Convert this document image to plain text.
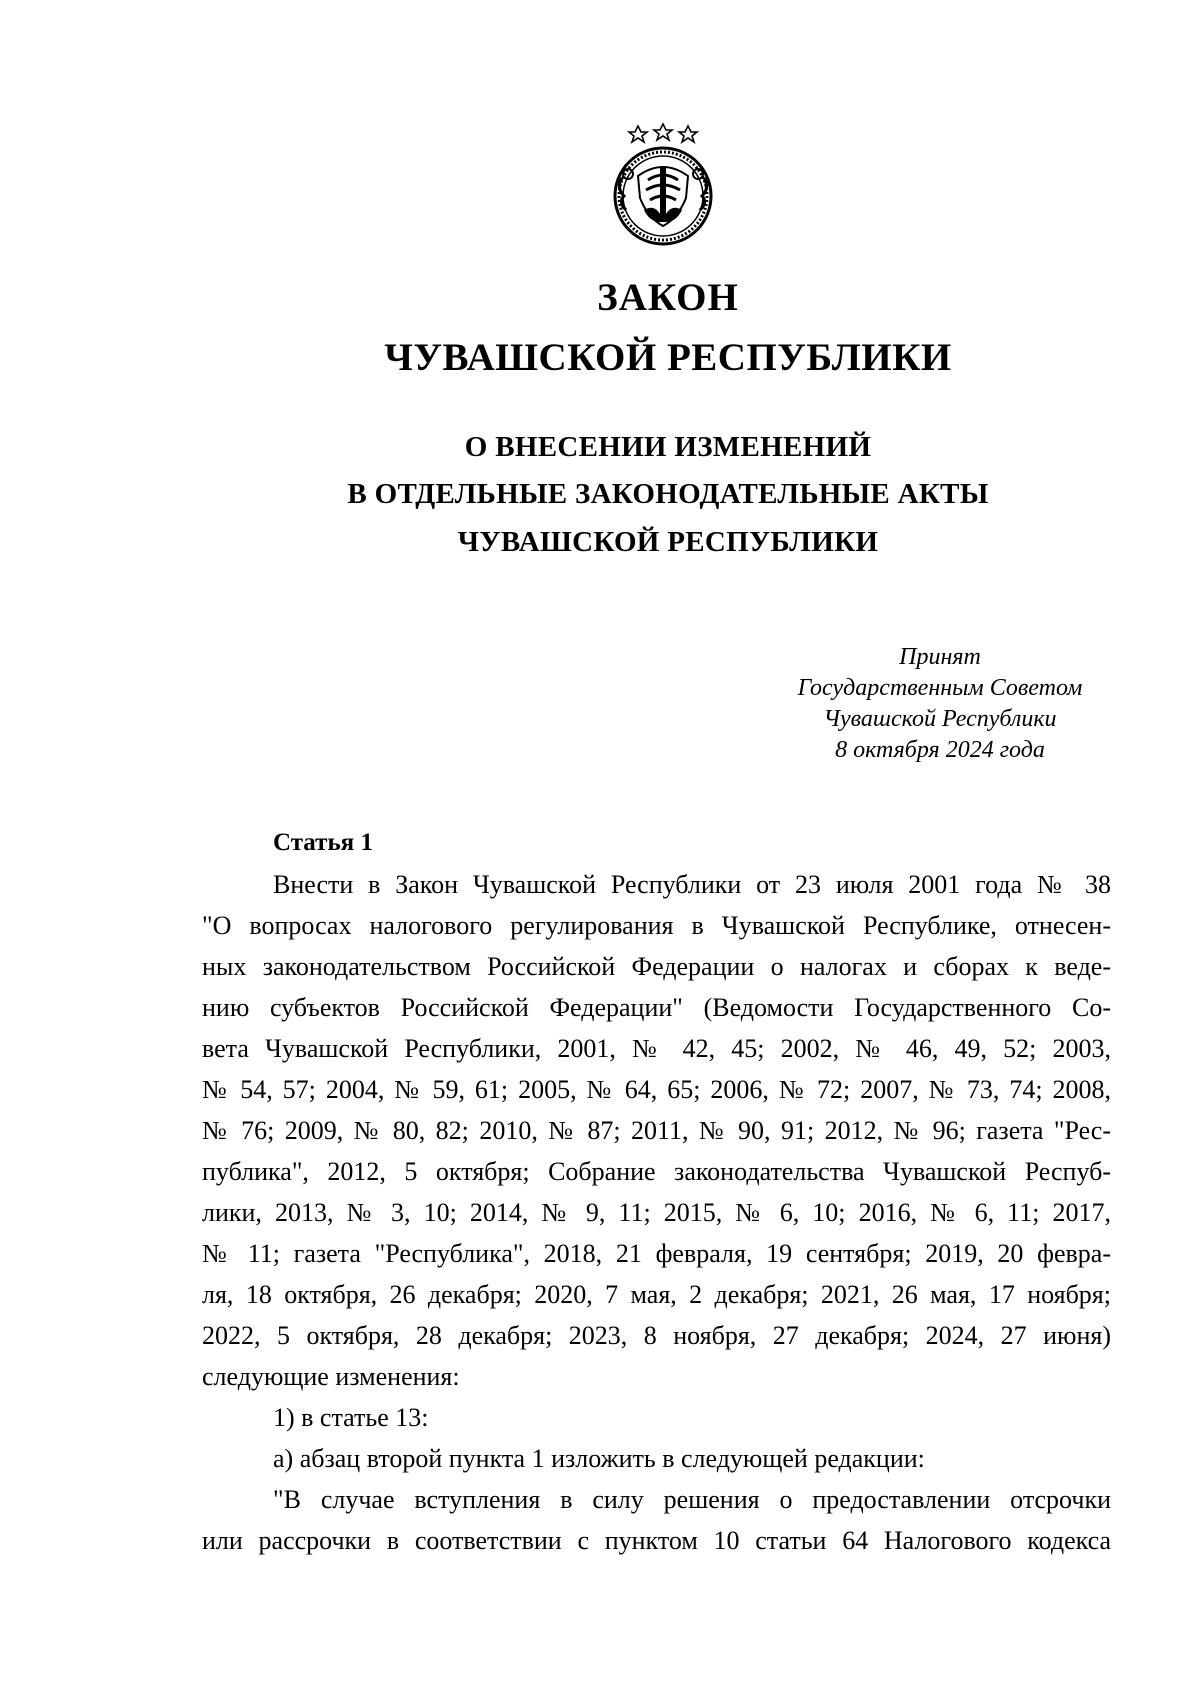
ЗАКОН
ЧУВАШСКОЙ РЕСПУБЛИКИ
О ВНЕСЕНИИ ИЗМЕНЕНИЙ
В ОТДЕЛЬНЫЕ ЗАКОНОДАТЕЛЬНЫЕ АКТЫ
ЧУВАШСКОЙ РЕСПУБЛИКИ
Принят
Государственным Советом
Чувашской Республики
8 октября 2024 года
Статья 1
Внести в Закон Чувашской Республики от 23 июля 2001 года № 38
"О вопросах налогового регулирования в Чувашской Республике, отнесен-
ных законодательством Российской Федерации о налогах и сборах к веде-
нию субъектов Российской Федерации" (Ведомости Государственного Со-
вета Чувашской Республики, 2001, № 42, 45; 2002, № 46, 49, 52; 2003,
№ 54, 57; 2004, № 59, 61; 2005, № 64, 65; 2006, № 72; 2007, № 73, 74; 2008,
№ 76; 2009, № 80, 82; 2010, № 87; 2011, № 90, 91; 2012, № 96; газета "Рес-
публика", 2012, 5 октября; Собрание законодательства Чувашской Респуб-
лики, 2013, № 3, 10; 2014, № 9, 11; 2015, № 6, 10; 2016, № 6, 11; 2017,
№ 11; газета "Республика", 2018, 21 февраля, 19 сентября; 2019, 20 февра-
ля, 18 октября, 26 декабря; 2020, 7 мая, 2 декабря; 2021, 26 мая, 17 ноября;
2022, 5 октября, 28 декабря; 2023, 8 ноября, 27 декабря; 2024, 27 июня)
следующие изменения:
1) в статье 13:
а) абзац второй пункта 1 изложить в следующей редакции:
"В случае вступления в силу решения о предоставлении отсрочки
или рассрочки в соответствии с пунктом 10 статьи 64 Налогового кодекса
